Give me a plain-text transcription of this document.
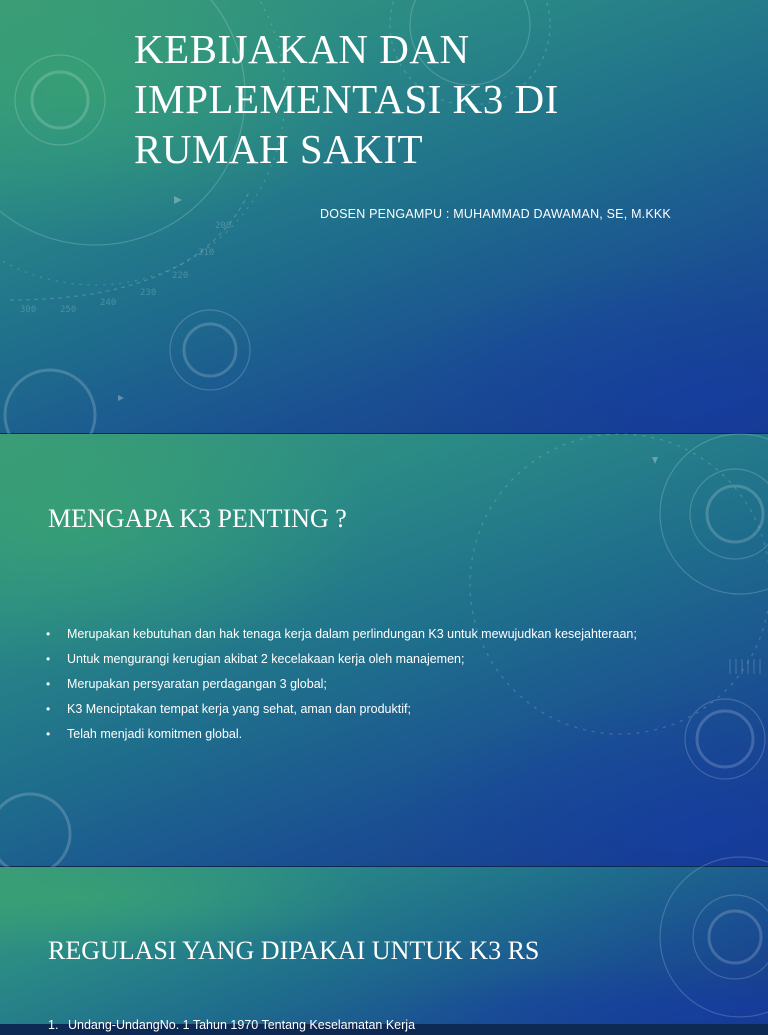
300	250
240
230
220
210
200
KEBIJAKAN DAN IMPLEMENTASI K3 DI RUMAH SAKIT
DOSEN PENGAMPU : MUHAMMAD DAWAMAN, SE, M.KKK
MENGAPA K3 PENTING ?
• Merupakan kebutuhan dan hak tenaga kerja dalam perlindungan K3 untuk mewujudkan kesejahteraan;
• Untuk mengurangi kerugian akibat 2 kecelakaan kerja oleh manajemen;
• Merupakan persyaratan perdagangan 3 global;
• K3 Menciptakan tempat kerja yang sehat, aman dan produktif;
• Telah menjadi komitmen global.
REGULASI YANG DIPAKAI UNTUK K3 RS
1. Undang-UndangNo. 1 Tahun 1970 Tentang Keselamatan Kerja
